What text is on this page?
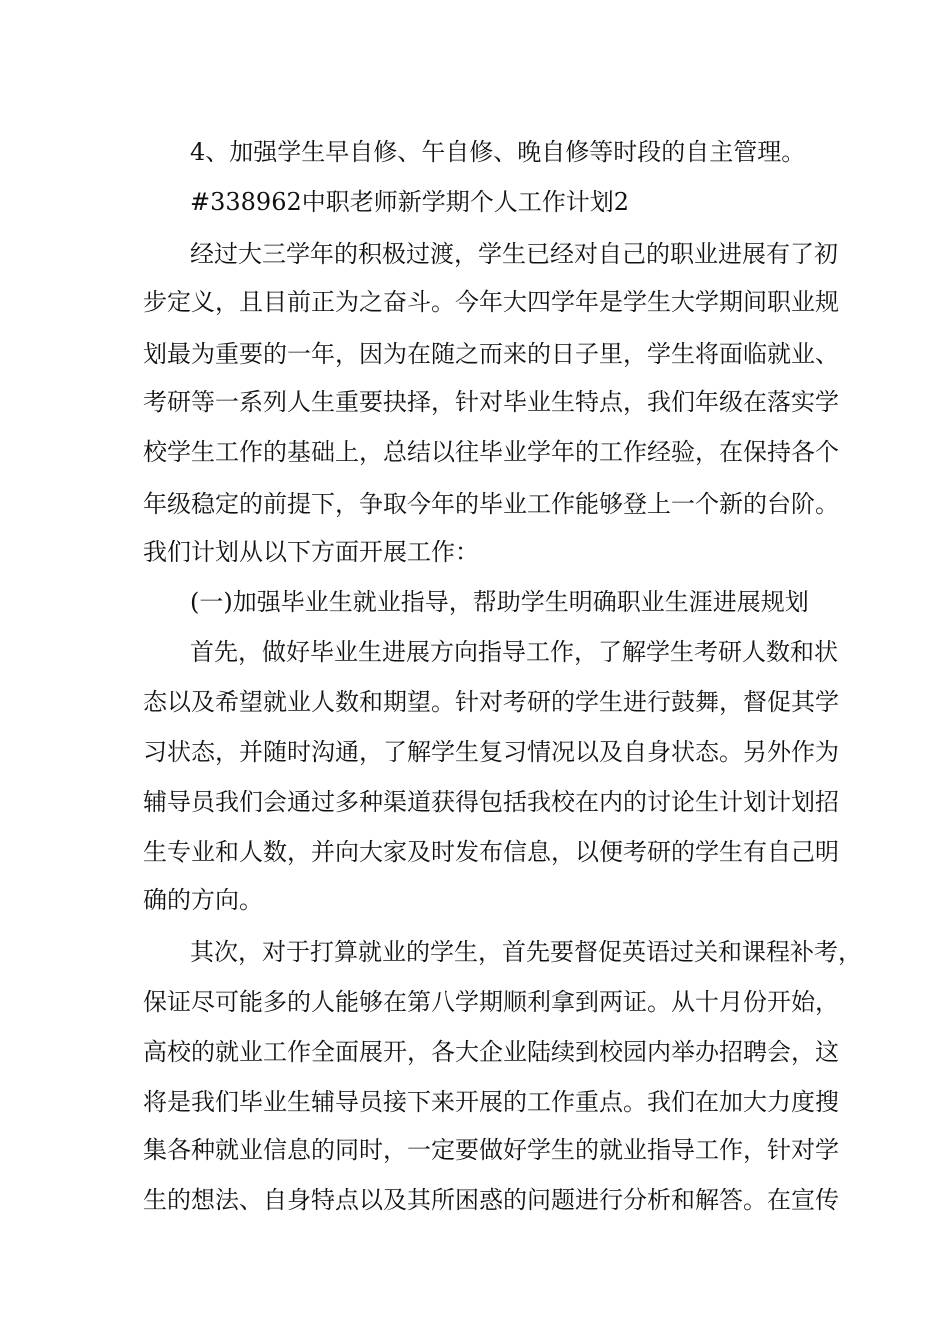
4、加强学生早自修、午自修、晚自修等时段的自主管理。
#338962中职老师新学期个人工作计划2
经过大三学年的积极过渡，学生已经对自己的职业进展有了初
步定义，且目前正为之奋斗。今年大四学年是学生大学期间职业规
划最为重要的一年，因为在随之而来的日子里，学生将面临就业、
考研等一系列人生重要抉择，针对毕业生特点，我们年级在落实学
校学生工作的基础上，总结以往毕业学年的工作经验，在保持各个
年级稳定的前提下，争取今年的毕业工作能够登上一个新的台阶。
我们计划从以下方面开展工作：
(一)加强毕业生就业指导，帮助学生明确职业生涯进展规划
首先，做好毕业生进展方向指导工作，了解学生考研人数和状
态以及希望就业人数和期望。针对考研的学生进行鼓舞，督促其学
习状态，并随时沟通，了解学生复习情况以及自身状态。另外作为
辅导员我们会通过多种渠道获得包括我校在内的讨论生计划计划招
生专业和人数，并向大家及时发布信息，以便考研的学生有自己明
确的方向。
其次，对于打算就业的学生，首先要督促英语过关和课程补考，
保证尽可能多的人能够在第八学期顺利拿到两证。从十月份开始，
高校的就业工作全面展开，各大企业陆续到校园内举办招聘会，这
将是我们毕业生辅导员接下来开展的工作重点。我们在加大力度搜
集各种就业信息的同时，一定要做好学生的就业指导工作，针对学
生的想法、自身特点以及其所困惑的问题进行分析和解答。在宣传
